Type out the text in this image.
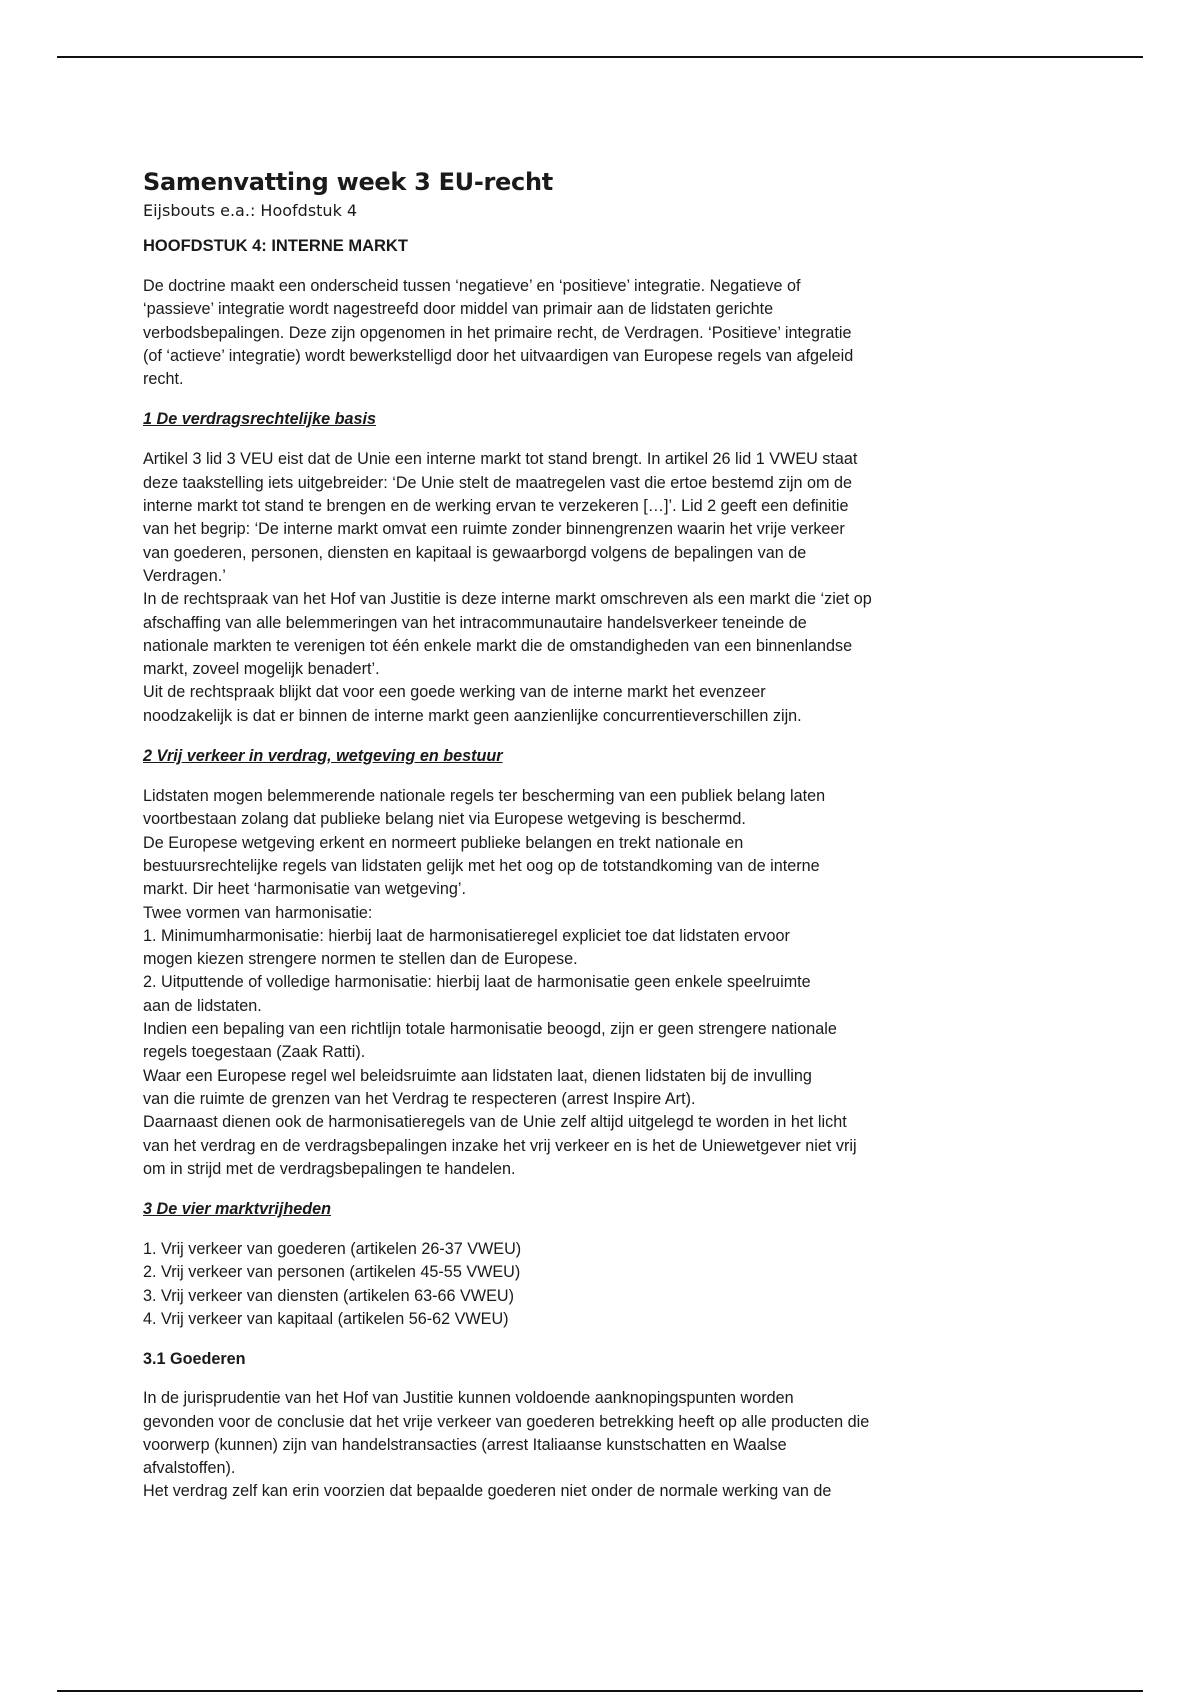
Samenvatting week 3 EU-recht
Eijsbouts e.a.: Hoofdstuk 4
HOOFDSTUK 4: INTERNE MARKT
De doctrine maakt een onderscheid tussen ‘negatieve’ en ‘positieve’ integratie. Negatieve of
‘passieve’ integratie wordt nagestreefd door middel van primair aan de lidstaten gerichte
verbodsbepalingen. Deze zijn opgenomen in het primaire recht, de Verdragen. ‘Positieve’ integratie
(of ‘actieve’ integratie) wordt bewerkstelligd door het uitvaardigen van Europese regels van afgeleid
recht.
1 De verdragsrechtelijke basis
Artikel 3 lid 3 VEU eist dat de Unie een interne markt tot stand brengt. In artikel 26 lid 1 VWEU staat
deze taakstelling iets uitgebreider: ‘De Unie stelt de maatregelen vast die ertoe bestemd zijn om de
interne markt tot stand te brengen en de werking ervan te verzekeren […]’. Lid 2 geeft een definitie
van het begrip: ‘De interne markt omvat een ruimte zonder binnengrenzen waarin het vrije verkeer
van goederen, personen, diensten en kapitaal is gewaarborgd volgens de bepalingen van de
Verdragen.’
In de rechtspraak van het Hof van Justitie is deze interne markt omschreven als een markt die ‘ziet op
afschaffing van alle belemmeringen van het intracommunautaire handelsverkeer teneinde de
nationale markten te verenigen tot één enkele markt die de omstandigheden van een binnenlandse
markt, zoveel mogelijk benadert’.
Uit de rechtspraak blijkt dat voor een goede werking van de interne markt het evenzeer
noodzakelijk is dat er binnen de interne markt geen aanzienlijke concurrentieverschillen zijn.
2 Vrij verkeer in verdrag, wetgeving en bestuur
Lidstaten mogen belemmerende nationale regels ter bescherming van een publiek belang laten
voortbestaan zolang dat publieke belang niet via Europese wetgeving is beschermd.
De Europese wetgeving erkent en normeert publieke belangen en trekt nationale en
bestuursrechtelijke regels van lidstaten gelijk met het oog op de totstandkoming van de interne
markt. Dir heet ‘harmonisatie van wetgeving’.
Twee vormen van harmonisatie:
1. Minimumharmonisatie: hierbij laat de harmonisatieregel expliciet toe dat lidstaten ervoor
mogen kiezen strengere normen te stellen dan de Europese.
2. Uitputtende of volledige harmonisatie: hierbij laat de harmonisatie geen enkele speelruimte
aan de lidstaten.
Indien een bepaling van een richtlijn totale harmonisatie beoogd, zijn er geen strengere nationale
regels toegestaan (Zaak Ratti).
Waar een Europese regel wel beleidsruimte aan lidstaten laat, dienen lidstaten bij de invulling
van die ruimte de grenzen van het Verdrag te respecteren (arrest Inspire Art).
Daarnaast dienen ook de harmonisatieregels van de Unie zelf altijd uitgelegd te worden in het licht
van het verdrag en de verdragsbepalingen inzake het vrij verkeer en is het de Uniewetgever niet vrij
om in strijd met de verdragsbepalingen te handelen.
3 De vier marktvrijheden
1. Vrij verkeer van goederen (artikelen 26-37 VWEU)
2. Vrij verkeer van personen (artikelen 45-55 VWEU)
3. Vrij verkeer van diensten (artikelen 63-66 VWEU)
4. Vrij verkeer van kapitaal (artikelen 56-62 VWEU)
3.1 Goederen
In de jurisprudentie van het Hof van Justitie kunnen voldoende aanknopingspunten worden
gevonden voor de conclusie dat het vrije verkeer van goederen betrekking heeft op alle producten die
voorwerp (kunnen) zijn van handelstransacties (arrest Italiaanse kunstschatten en Waalse
afvalstoffen).
Het verdrag zelf kan erin voorzien dat bepaalde goederen niet onder de normale werking van de
